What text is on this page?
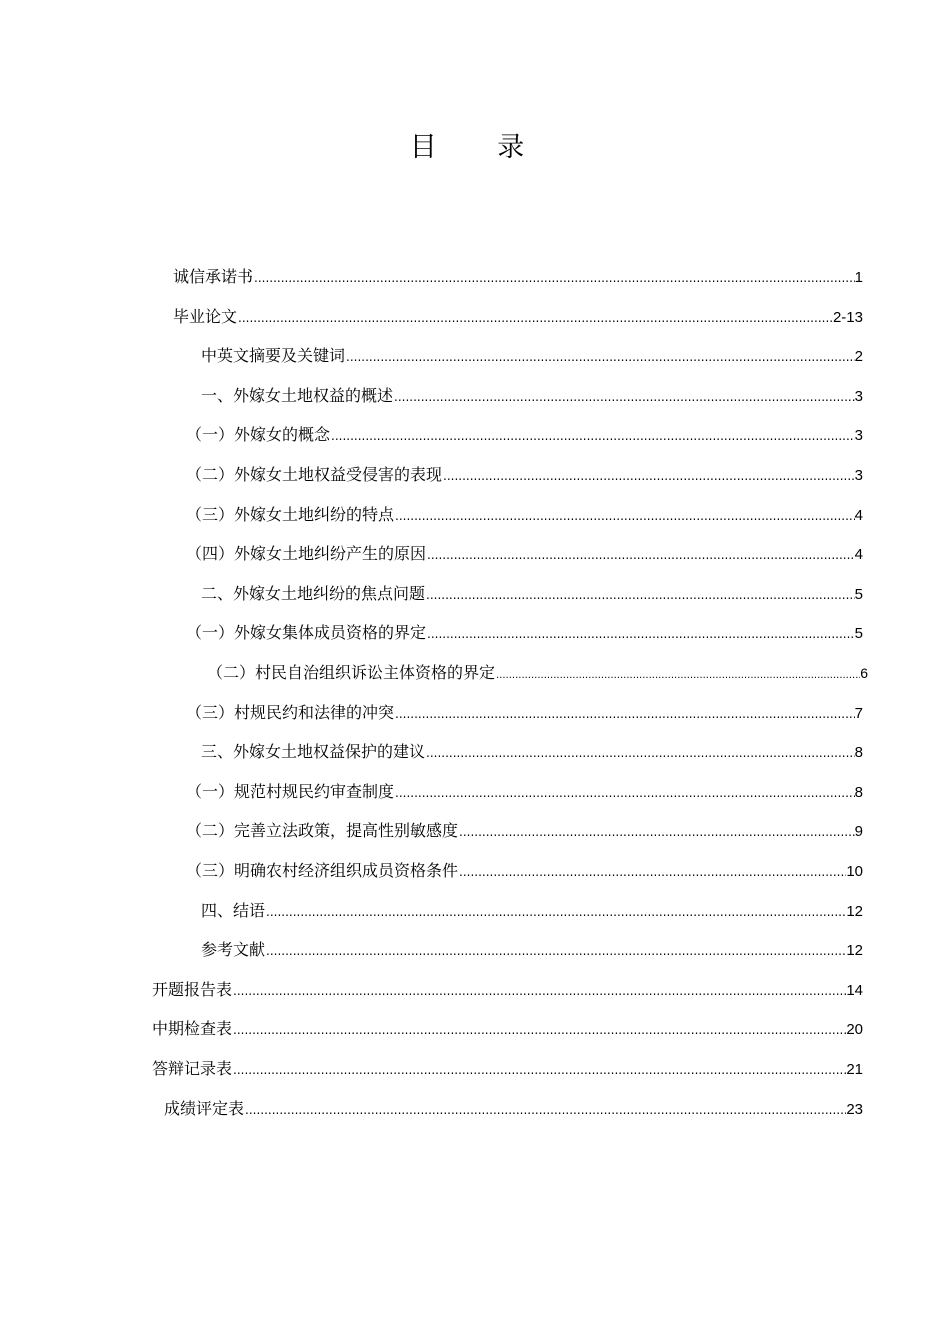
目 录
诚信承诺书 .....	1
毕业论文 .....	2-13
中英文摘要及关键词 .....	2
一、外嫁女土地权益的概述 .....	3
（一）外嫁女的概念 .....	3
（二）外嫁女土地权益受侵害的表现 .....	3
（三）外嫁女土地纠纷的特点 .....	4
（四）外嫁女土地纠纷产生的原因 .....	4
二、外嫁女土地纠纷的焦点问题 .....	5
（一）外嫁女集体成员资格的界定 .....	5
（二）村民自治组织诉讼主体资格的界定 .....	6
（三）村规民约和法律的冲突 .....	7
三、外嫁女土地权益保护的建议 .....	8
（一）规范村规民约审查制度 .....	8
（二）完善立法政策，提高性别敏感度 .....	9
（三）明确农村经济组织成员资格条件 .....	10
四、结语 .....	12
参考文献 .....	12
开题报告表 .....	14
中期检查表 .....	20
答辩记录表 .....	21
成绩评定表 .....	23
